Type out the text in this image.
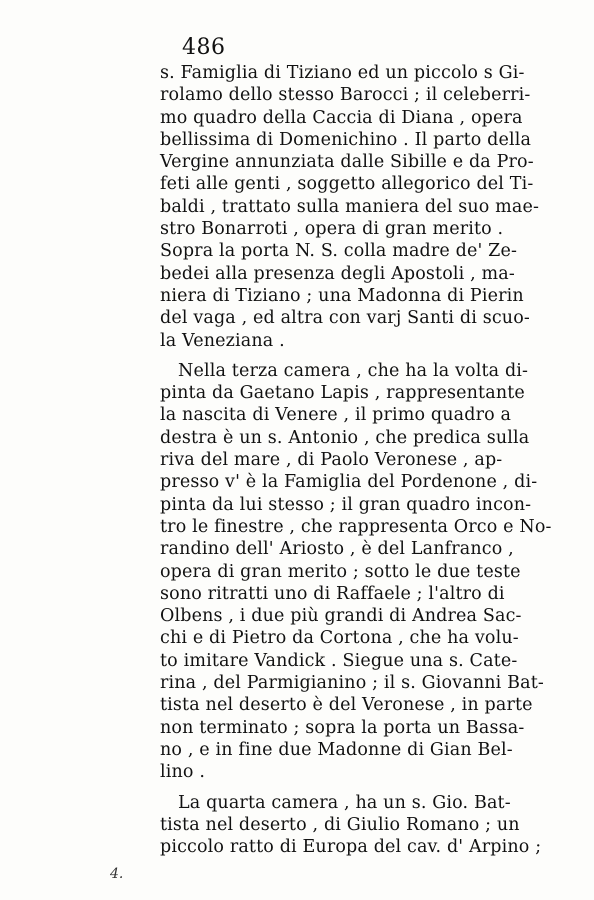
486
s. Famiglia di Tiziano ed un piccolo s Gi-
rolamo dello stesso Barocci ; il celeberri-
mo quadro della Caccia di Diana , opera
bellissima di Domenichino . Il parto della
Vergine annunziata dalle Sibille e da Pro-
feti alle genti , soggetto allegorico del Ti-
baldi , trattato sulla maniera del suo mae-
stro Bonarroti , opera di gran merito .
Sopra la porta N. S. colla madre de' Ze-
bedei alla presenza degli Apostoli , ma-
niera di Tiziano ; una Madonna di Pierin
del vaga , ed altra con varj Santi di scuo-
la Veneziana .
Nella terza camera , che ha la volta di-
pinta da Gaetano Lapis , rappresentante
la nascita di Venere , il primo quadro a
destra è un s. Antonio , che predica sulla
riva del mare , di Paolo Veronese , ap-
presso v' è la Famiglia del Pordenone , di-
pinta da lui stesso ; il gran quadro incon-
tro le finestre , che rappresenta Orco e No-
randino dell' Ariosto , è del Lanfranco ,
opera di gran merito ; sotto le due teste
sono ritratti uno di Raffaele ; l'altro di
Olbens , i due più grandi di Andrea Sac-
chi e di Pietro da Cortona , che ha volu-
to imitare Vandick . Siegue una s. Cate-
rina , del Parmigianino ; il s. Giovanni Bat-
tista nel deserto è del Veronese , in parte
non terminato ; sopra la porta un Bassa-
no , e in fine due Madonne di Gian Bel-
lino .
La quarta camera , ha un s. Gio. Bat-
tista nel deserto , di Giulio Romano ; un
piccolo ratto di Europa del cav. d' Arpino ;
4.
